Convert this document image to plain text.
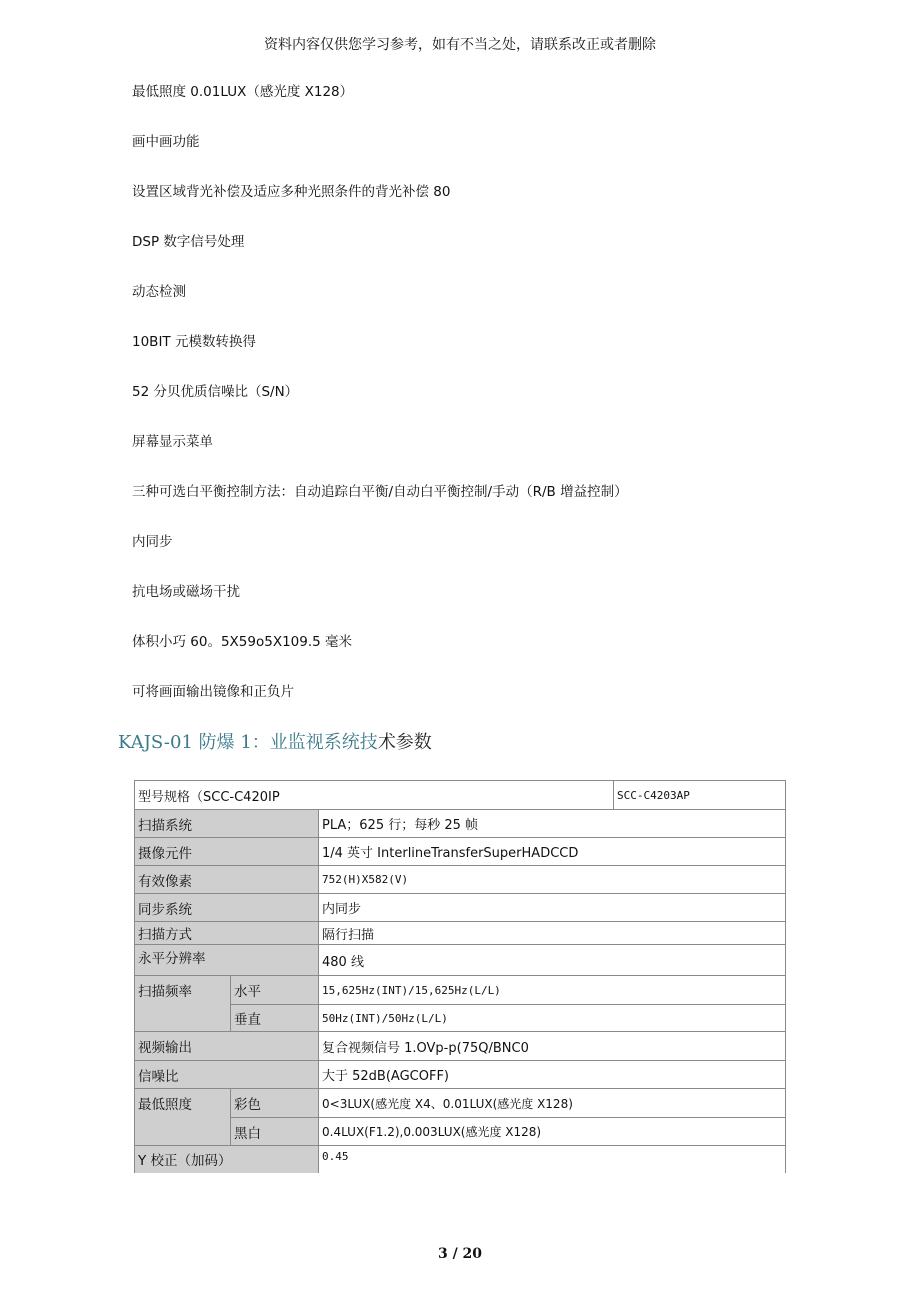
资料内容仅供您学习参考，如有不当之处，请联系改正或者删除
最低照度 0.01LUX（感光度 X128）
画中画功能
设置区域背光补偿及适应多种光照条件的背光补偿 80
DSP 数字信号处理
动态检测
10BIT 元模数转换得
52 分贝优质信噪比（S/N）
屏幕显示菜单
三种可选白平衡控制方法：自动追踪白平衡/自动白平衡控制/手动（R/B 增益控制）
内同步
抗电场或磁场干扰
体积小巧 60。5X59o5X109.5 毫米
可将画面输出镜像和正负片
KAJS-01 防爆 1：业监视系统技术参数
型号规格（SCC-C420IP			SCC-C4203AP
扫描系统		PLA；625 行；每秒 25 帧	
摄像元件		1/4 英寸 InterlineTransferSuperHADCCD	
有效像素		752(H)X582(V)	
同步系统		内同步	
扫描方式		隔行扫描	
永平分辨率		480 线	
扫描频率	水平	15,625Hz(INT)/15,625Hz(L/L)	
	垂直	50Hz(INT)/50Hz(L/L)	
视频输出		复合视频信号 1.OVp-p(75Q/BNC0	
信噪比		大于 52dB(AGCOFF)	
最低照度	彩色	0<3LUX(感光度 X4、0.01LUX(感光度 X128)	
	黑白	0.4LUX(F1.2),0.003LUX(感光度 X128)	
Y 校正（加码）		0.45	
3 / 20
